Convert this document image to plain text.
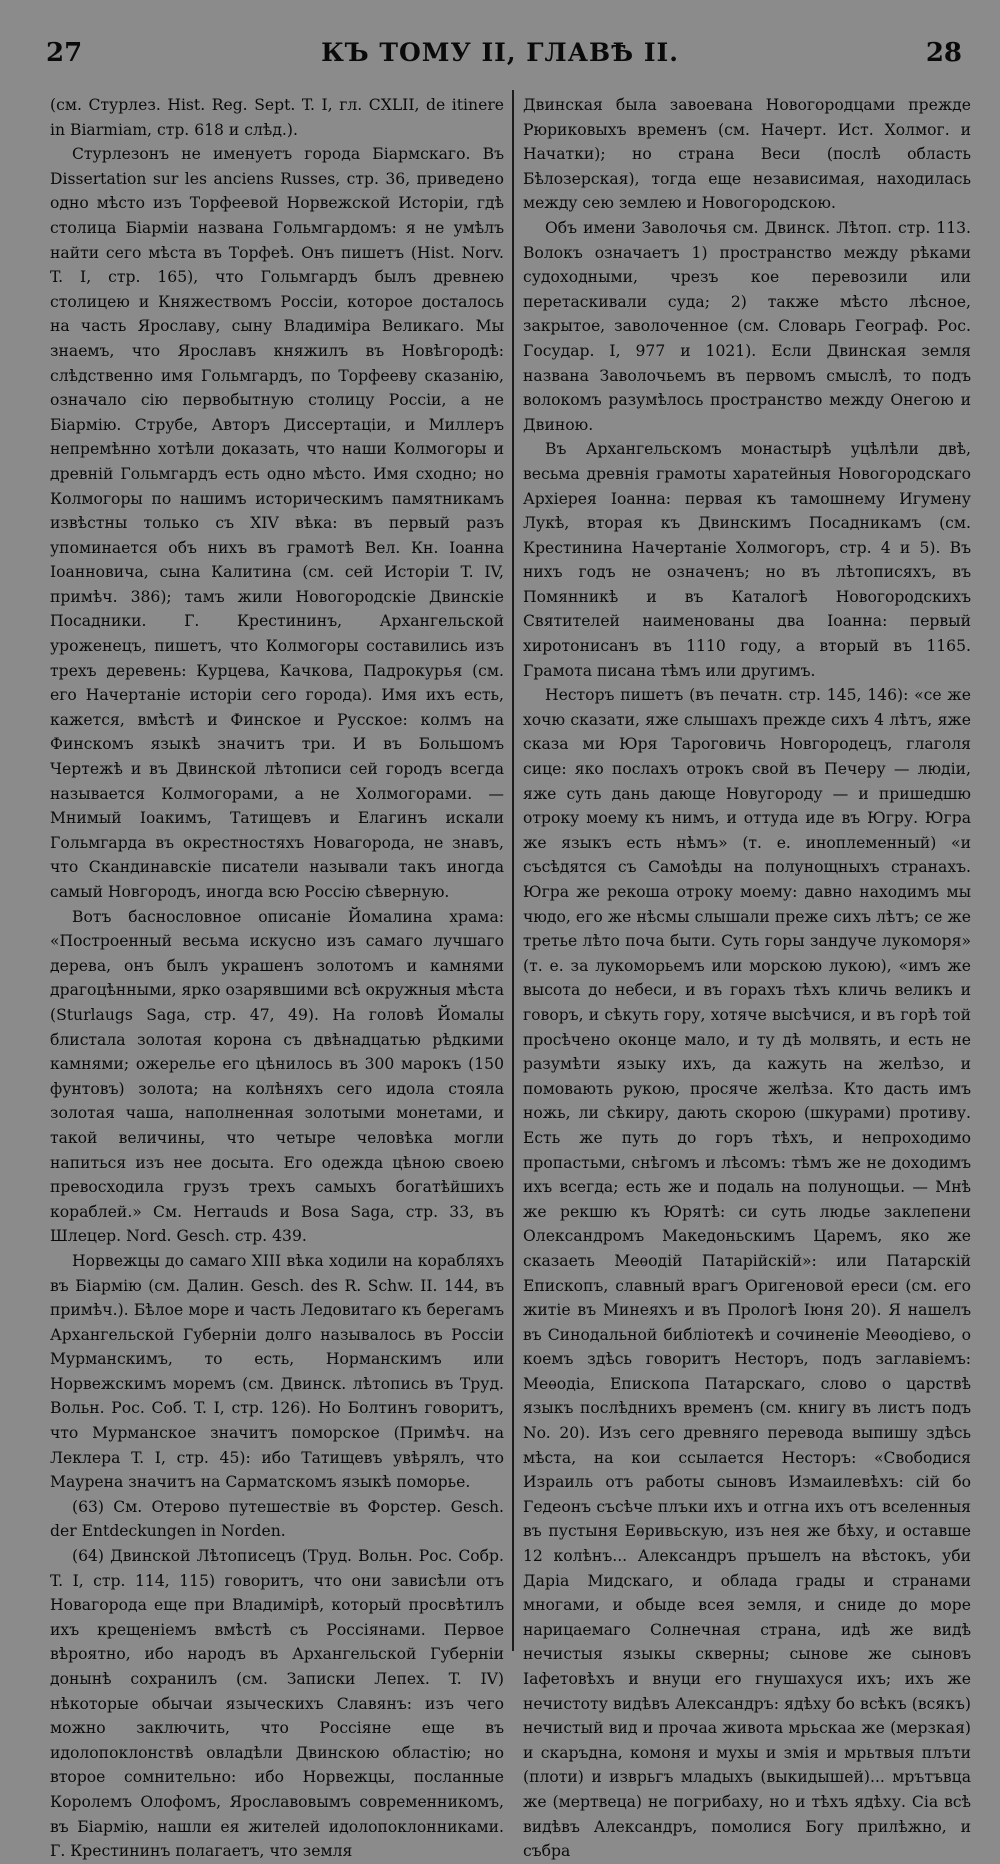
27	КЪ ТОМУ II, ГЛАВѢ II.	28

(см. Стурлез. Hist. Reg. Sept. T. I, гл. CXLII, de itinere in Biarmiam, стр. 618 и слѣд.).

Стурлезонъ не именуетъ города Біармскаго. Въ Dissertation sur les anciens Russes, стр. 36, приведено одно мѣсто изъ Торфеевой Норвежской Исторіи, гдѣ столица Біарміи названа Гольмгардомъ: я не умѣлъ найти сего мѣста въ Торфеѣ. Онъ пишетъ (Hist. Norv. T. I, стр. 165), что Гольмгардъ былъ древнею столицею и Княжествомъ Россіи, которое досталось на часть Ярославу, сыну Владиміра Великаго. Мы знаемъ, что Ярославъ княжилъ въ Новѣгородѣ: слѣдственно имя Гольмгардъ, по Торфееву сказанію, означало сію первобытную столицу Россіи, а не Біармію. Струбе, Авторъ Диссертаціи, и Миллеръ непремѣнно хотѣли доказать, что наши Колмогоры и древній Гольмгардъ есть одно мѣсто. Имя сходно; но Колмогоры по нашимъ историческимъ памятникамъ извѣстны только съ XIV вѣка: въ первый разъ упоминается объ нихъ въ грамотѣ Вел. Кн. Іоанна Іоанновича, сына Калитина (см. сей Исторіи T. IV, примѣч. 386); тамъ жили Новогородскіе Двинскіе Посадники. Г. Крестининъ, Архангельской уроженецъ, пишетъ, что Колмогоры составились изъ трехъ деревень: Курцева, Качкова, Падрокурья (см. его Начертаніе исторіи сего города). Имя ихъ есть, кажется, вмѣстѣ и Финское и Русское: колмъ на Финскомъ языкѣ значитъ три. И въ Большомъ Чертежѣ и въ Двинской лѣтописи сей городъ всегда называется Колмогорами, а не Холмогорами. — Мнимый Іоакимъ, Татищевъ и Елагинъ искали Гольмгарда въ окрестностяхъ Новагорода, не знавъ, что Скандинавскіе писатели называли такъ иногда самый Новгородъ, иногда всю Россію сѣверную.

Вотъ баснословное описаніе Йомалина храма: «Построенный весьма искусно изъ самаго лучшаго дерева, онъ былъ украшенъ золотомъ и камнями драгоцѣнными, ярко озарявшими всѣ окружныя мѣста (Sturlaugs Saga, стр. 47, 49). На головѣ Йомалы блистала золотая корона съ двѣнадцатью рѣдкими камнями; ожерелье его цѣнилось въ 300 марокъ (150 фунтовъ) золота; на колѣняхъ сего идола стояла золотая чаша, наполненная золотыми монетами, и такой величины, что четыре человѣка могли напиться изъ нее досыта. Его одежда цѣною своею превосходила грузъ трехъ самыхъ богатѣйшихъ кораблей.» См. Herrauds и Bosa Saga, стр. 33, въ Шлецер. Nord. Gesch. стр. 439.

Норвежцы до самаго XIII вѣка ходили на корабляхъ въ Біармію (см. Далин. Gesch. des R. Schw. II. 144, въ примѣч.). Бѣлое море и часть Ледовитаго къ берегамъ Архангельской Губерніи долго называлось въ Россіи Мурманскимъ, то есть, Норманскимъ или Норвежскимъ моремъ (см. Двинск. лѣтопись въ Труд. Вольн. Рос. Соб. T. I, стр. 126). Но Болтинъ говоритъ, что Мурманское значитъ поморское (Примѣч. на Леклера T. I, стр. 45): ибо Татищевъ увѣрялъ, что Маурена значитъ на Сарматскомъ языкѣ поморье.

(63) См. Отерово путешествіе въ Форстер. Gesch. der Entdeckungen in Norden.

(64) Двинской Лѣтописецъ (Труд. Вольн. Рос. Собр. T. I, стр. 114, 115) говоритъ, что они зависѣли отъ Новагорода еще при Владимірѣ, который просвѣтилъ ихъ крещеніемъ вмѣстѣ съ Россіянами. Первое вѣроятно, ибо народъ въ Архангельской Губерніи донынѣ сохранилъ (см. Записки Лепех. T. IV) нѣкоторые обычаи языческихъ Славянъ: изъ чего можно заключить, что Россіяне еще въ идолопоклонствѣ овладѣли Двинскою областію; но второе сомнительно: ибо Норвежцы, посланные Королемъ Олофомъ, Ярославовымъ современникомъ, въ Біармію, нашли ея жителей идолопоклонниками. Г. Крестининъ полагаетъ, что земля

Двинская была завоевана Новогородцами прежде Рюриковыхъ временъ (см. Начерт. Ист. Холмог. и Начатки); но страна Веси (послѣ область Бѣлозерская), тогда еще независимая, находилась между сею землею и Новогородскою.

Объ имени Заволочья см. Двинск. Лѣтоп. стр. 113. Волокъ означаетъ 1) пространство между рѣками судоходными, чрезъ кое перевозили или перетаскивали суда; 2) также мѣсто лѣсное, закрытое, заволоченное (см. Словарь Географ. Рос. Государ. I, 977 и 1021). Если Двинская земля названа Заволочьемъ въ первомъ смыслѣ, то подъ волокомъ разумѣлось пространство между Онегою и Двиною.

Въ Архангельскомъ монастырѣ уцѣлѣли двѣ, весьма древнія грамоты харатейныя Новогородскаго Архіерея Іоанна: первая къ тамошнему Игумену Лукѣ, вторая къ Двинскимъ Посадникамъ (см. Крестинина Начертаніе Холмогоръ, стр. 4 и 5). Въ нихъ годъ не означенъ; но въ лѣтописяхъ, въ Помянникѣ и въ Каталогѣ Новогородскихъ Святителей наименованы два Іоанна: первый хиротонисанъ въ 1110 году, а вторый въ 1165. Грамота писана тѣмъ или другимъ.

Несторъ пишетъ (въ печатн. стр. 145, 146): «се же хочю сказати, яже слышахъ прежде сихъ 4 лѣтъ, яже сказа ми Юря Тароговичь Новгородецъ, глаголя сице: яко послахъ отрокъ свой въ Печеру — людіи, яже суть дань дающе Новугороду — и пришедшю отроку моему къ нимъ, и оттуда иде въ Югру. Югра же языкъ есть нѣмъ» (т. е. иноплеменный) «и съсѣдятся съ Самоѣды на полунощныхъ странахъ. Югра же рекоша отроку моему: давно находимъ мы чюдо, его же нѣсмы слышали преже сихъ лѣтъ; се же третье лѣто поча быти. Суть горы зандуче лукоморя» (т. е. за лукоморьемъ или морскою лукою), «имъ же высота до небеси, и въ горахъ тѣхъ кличь великъ и говоръ, и сѣкуть гору, хотяче высѣчися, и въ горѣ той просѣчено оконце мало, и ту дѣ молвять, и есть не разумѣти языку ихъ, да кажуть на желѣзо, и помовають рукою, просяче желѣза. Кто дасть имъ ножь, ли сѣкиру, дають скорою (шкурами) противу. Есть же путь до горъ тѣхъ, и непроходимо пропастьми, снѣгомъ и лѣсомъ: тѣмъ же не доходимъ ихъ всегда; есть же и подаль на полунощьи. — Мнѣ же рекшю къ Юрятѣ: си суть людье заклепени Олександромъ Македоньскимъ Царемъ, яко же сказаеть Меѳодій Патарійскій»: или Патарскій Епископъ, славный врагъ Оригеновой ереси (см. его житіе въ Минеяхъ и въ Прологѣ Іюня 20). Я нашелъ въ Синодальной библіотекѣ и сочиненіе Меѳодіево, о коемъ здѣсь говоритъ Несторъ, подъ заглавіемъ: Меѳодіа, Епископа Патарскаго, слово о царствѣ языкъ послѣднихъ временъ (см. книгу въ листъ подъ No. 20). Изъ сего древняго перевода выпишу здѣсь мѣста, на кои ссылается Несторъ: «Свободися Израиль отъ работы сыновъ Измаилевѣхъ: сій бо Гедеонъ съсѣче плъки ихъ и отгна ихъ отъ вселенныя въ пустыня Еѳривьскую, изъ нея же бѣху, и оставше 12 колѣнъ... Александръ пръшелъ на вѣстокъ, уби Даріа Мидскаго, и облада грады и странами многами, и обыде всея земля, и сниде до море нарицаемаго Солнечная страна, идѣ же видѣ нечистыя языкы скверны; сынове же сыновъ Іафетовѣхъ и внуци его гнушахуся ихъ; ихъ же нечистоту видѣвъ Александръ: ядѣху бо всѣкъ (всякъ) нечистый вид и прочаа живота мрьскаа же (мерзкая) и скаръдна, комоня и мухы и змія и мрьтвыя плъти (плоти) и изврьгъ младыхъ (выкидышей)... мрътъвца же (мертвеца) не погрибаху, но и тѣхъ ядѣху. Сіа всѣ видѣвъ Александръ, помолися Богу прилѣжно, и събра
